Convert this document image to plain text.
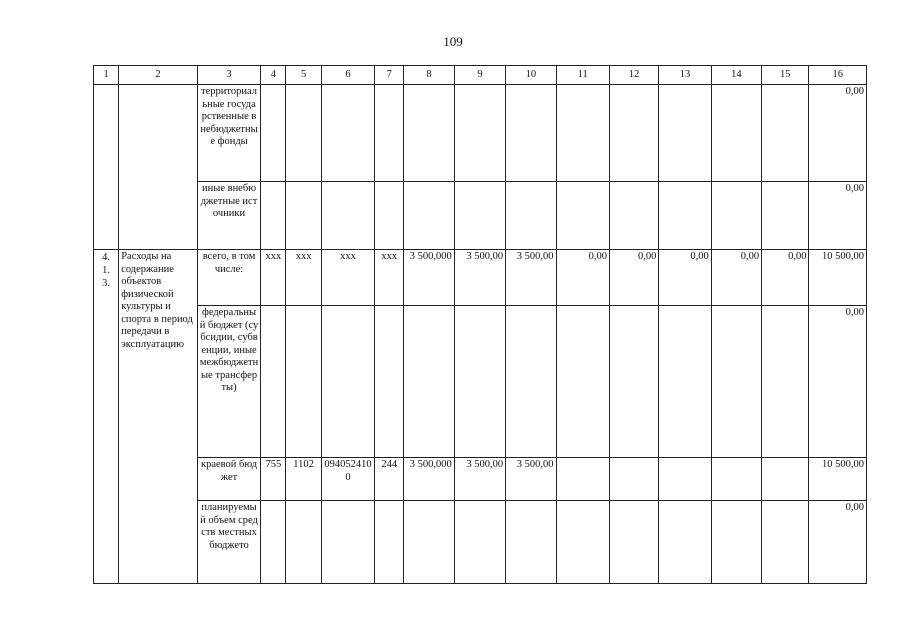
109
1	2	3	4	5	6	7	8	9	10	11	12	13	14	15	16
		территориальные государственные внебюджетные фонды													0,00
		иные внебюджетные источники													0,00

4.
1.
3.	Расходы на содержание объектов физической культуры и спорта в период передачи в эксплуатацию	всего, в том числе:	xxx	xxx	xxx	xxx	3 500,000	3 500,00	3 500,00	0,00	0,00	0,00	0,00	0,00	10 500,00
		федеральный бюджет (субсидии, субвенции, иные межбюджетные трансферты)													0,00
		краевой бюджет	755	1102	0940524100	244	3 500,000	3 500,00	3 500,00						10 500,00
		планируемый объем средств местных бюджето													0,00
